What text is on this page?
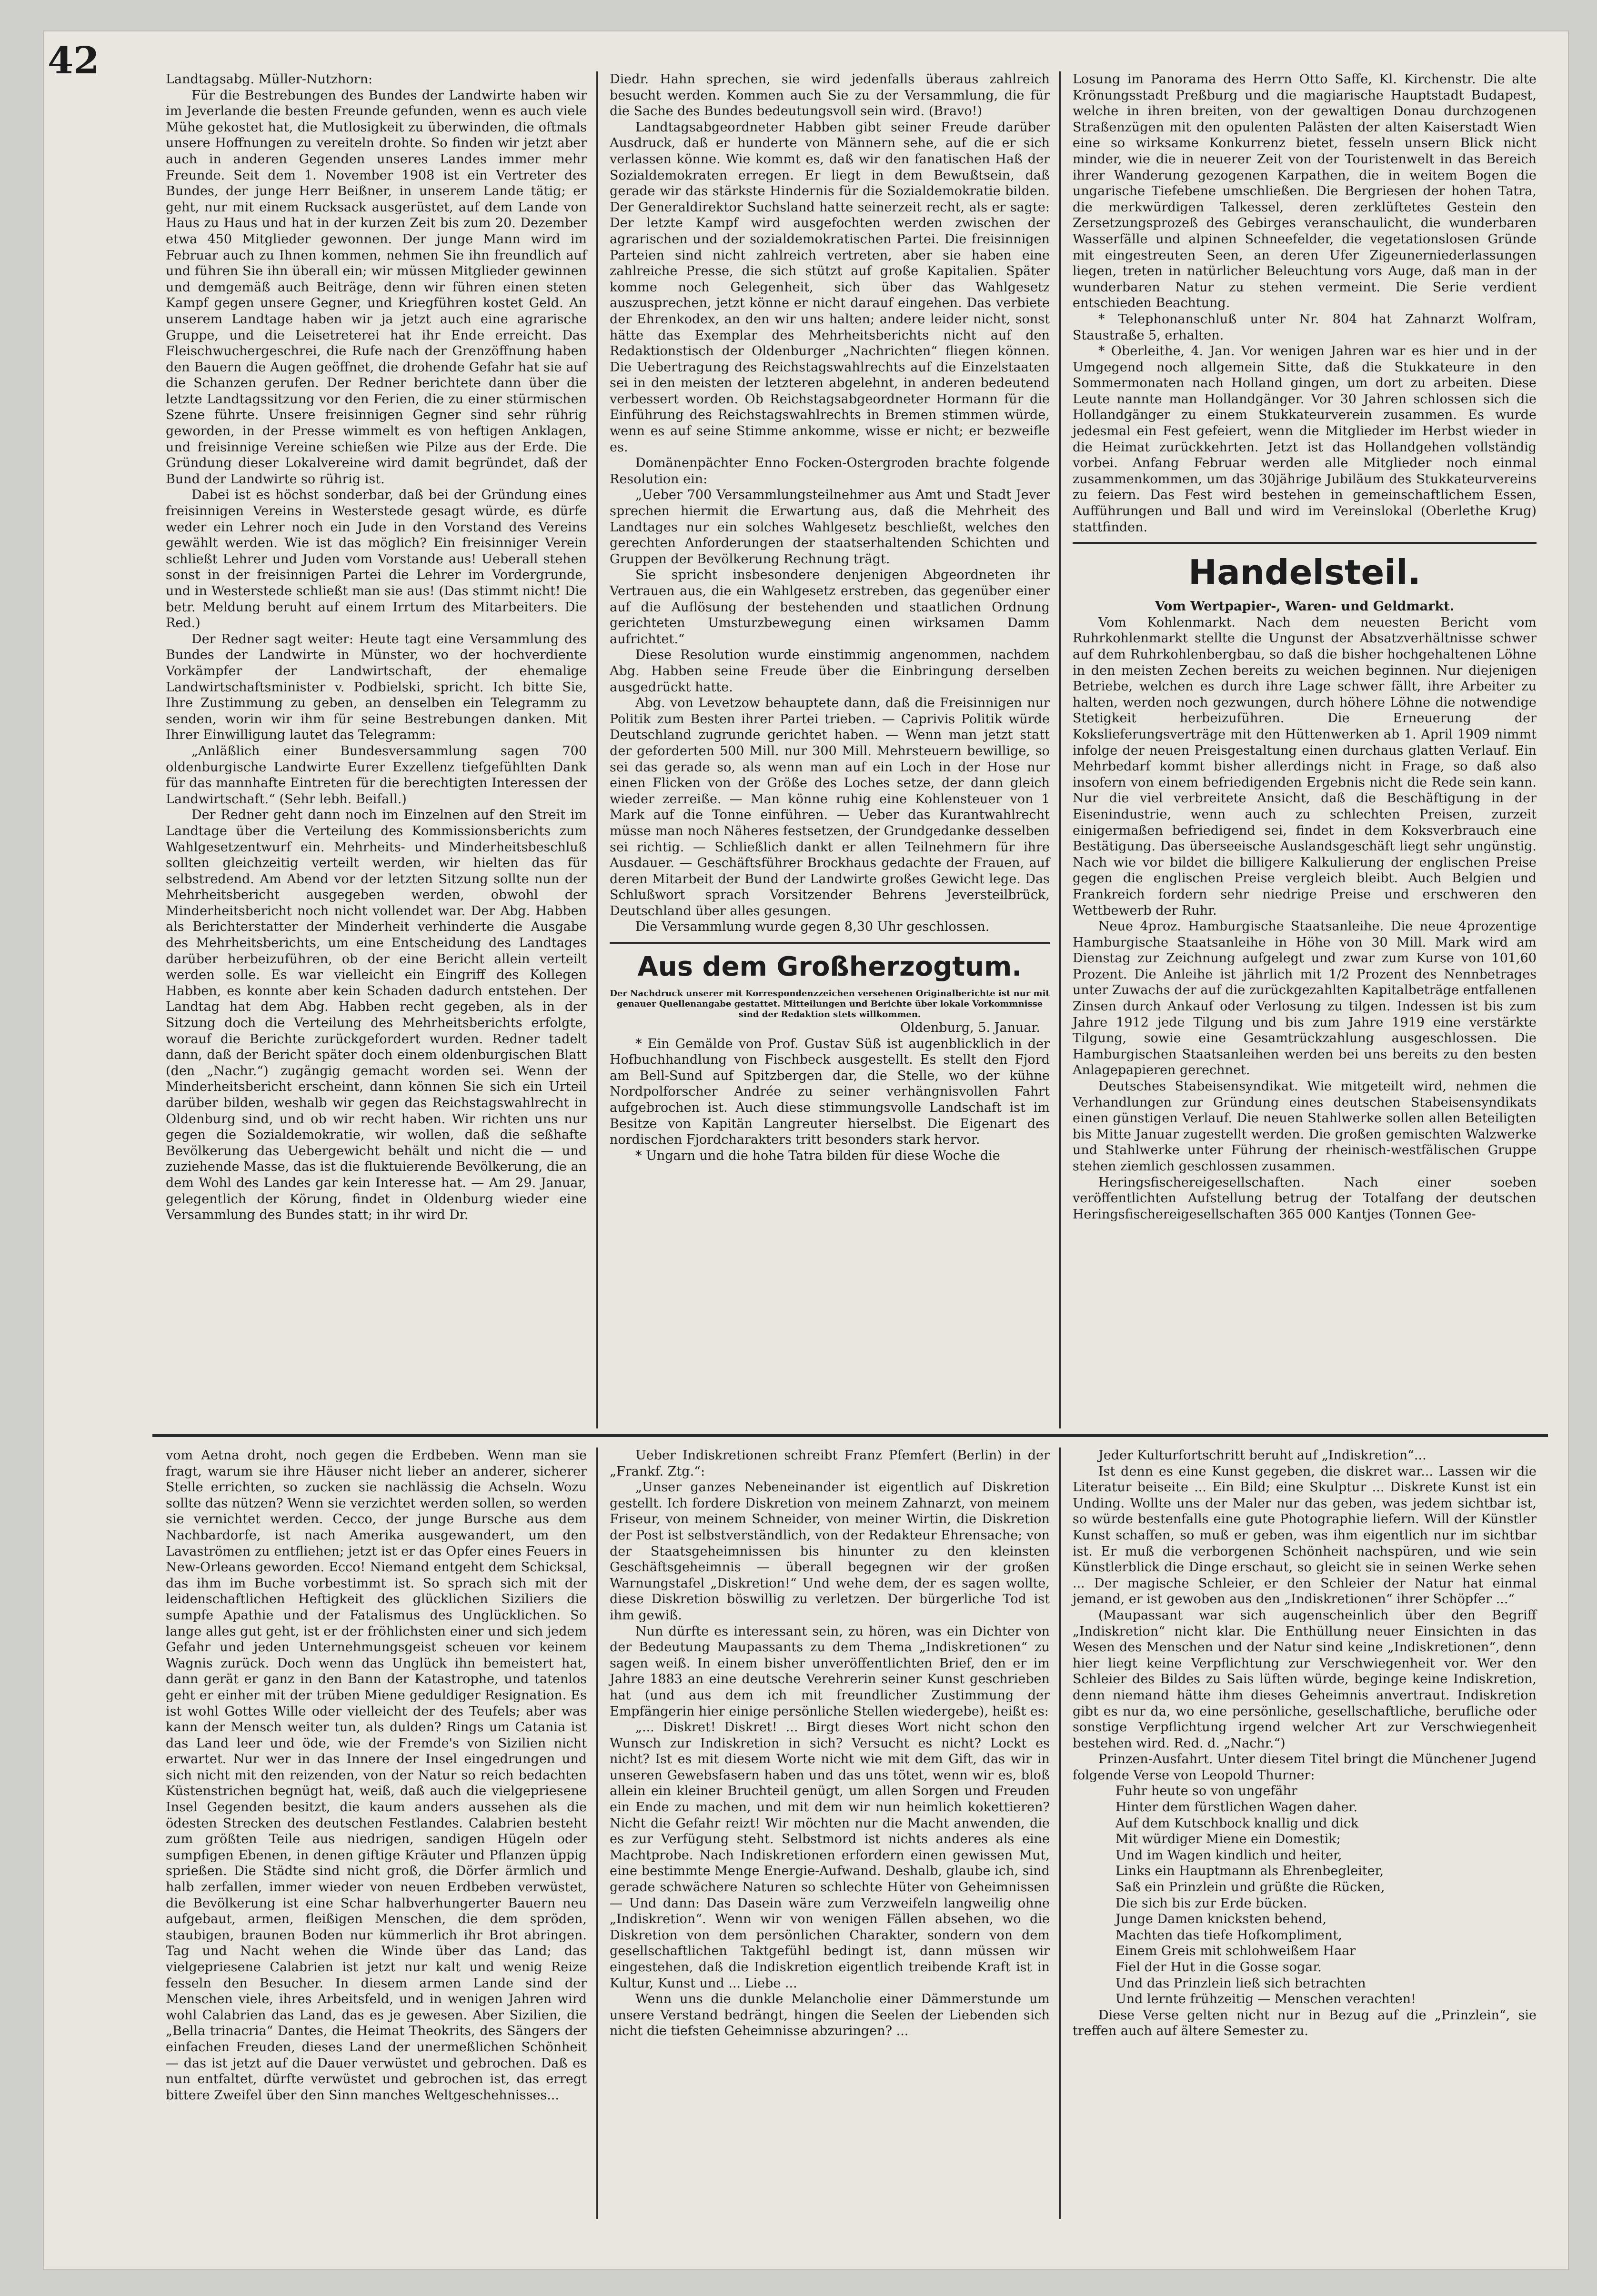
42	Landtagsabg. Müller-Nutzhorn:

Für die Bestrebungen des Bundes der Landwirte haben wir im Jeverlande die besten Freunde gefunden, wenn es auch viele Mühe gekostet hat, die Mutlosigkeit zu überwinden, die oftmals unsere Hoffnungen zu vereiteln drohte. So finden wir jetzt aber auch in anderen Gegenden unseres Landes immer mehr Freunde. Seit dem 1. November 1908 ist ein Vertreter des Bundes, der junge Herr Beißner, in unserem Lande tätig; er geht, nur mit einem Rucksack ausgerüstet, auf dem Lande von Haus zu Haus und hat in der kurzen Zeit bis zum 20. Dezember etwa 450 Mitglieder gewonnen. Der junge Mann wird im Februar auch zu Ihnen kommen, nehmen Sie ihn freundlich auf und führen Sie ihn überall ein; wir müssen Mitglieder gewinnen und demgemäß auch Beiträge, denn wir führen einen steten Kampf gegen unsere Gegner, und Kriegführen kostet Geld. An unserem Landtage haben wir ja jetzt auch eine agrarische Gruppe, und die Leisetreterei hat ihr Ende erreicht. Das Fleischwuchergeschrei, die Rufe nach der Grenzöffnung haben den Bauern die Augen geöffnet, die drohende Gefahr hat sie auf die Schanzen gerufen. Der Redner berichtete dann über die letzte Landtagssitzung vor den Ferien, die zu einer stürmischen Szene führte. Unsere freisinnigen Gegner sind sehr rührig geworden, in der Presse wimmelt es von heftigen Anklagen, und freisinnige Vereine schießen wie Pilze aus der Erde. Die Gründung dieser Lokalvereine wird damit begründet, daß der Bund der Landwirte so rührig ist.

Dabei ist es höchst sonderbar, daß bei der Gründung eines freisinnigen Vereins in Westerstede gesagt würde, es dürfe weder ein Lehrer noch ein Jude in den Vorstand des Vereins gewählt werden. Wie ist das möglich? Ein freisinniger Verein schließt Lehrer und Juden vom Vorstande aus! Ueberall stehen sonst in der freisinnigen Partei die Lehrer im Vordergrunde, und in Westerstede schließt man sie aus! (Das stimmt nicht! Die betr. Meldung beruht auf einem Irrtum des Mitarbeiters. Die Red.)

Der Redner sagt weiter: Heute tagt eine Versammlung des Bundes der Landwirte in Münster, wo der hochverdiente Vorkämpfer der Landwirtschaft, der ehemalige Landwirtschaftsminister v. Podbielski, spricht. Ich bitte Sie, Ihre Zustimmung zu geben, an denselben ein Telegramm zu senden, worin wir ihm für seine Bestrebungen danken. Mit Ihrer Einwilligung lautet das Telegramm:

„Anläßlich einer Bundesversammlung sagen 700 oldenburgische Landwirte Eurer Exzellenz tiefgefühlten Dank für das mannhafte Eintreten für die berechtigten Interessen der Landwirtschaft.“ (Sehr lebh. Beifall.)

Der Redner geht dann noch im Einzelnen auf den Streit im Landtage über die Verteilung des Kommissionsberichts zum Wahlgesetzentwurf ein. Mehrheits- und Minderheitsbeschluß sollten gleichzeitig verteilt werden, wir hielten das für selbstredend. Am Abend vor der letzten Sitzung sollte nun der Mehrheitsbericht ausgegeben werden, obwohl der Minderheitsbericht noch nicht vollendet war. Der Abg. Habben als Berichterstatter der Minderheit verhinderte die Ausgabe des Mehrheitsberichts, um eine Entscheidung des Landtages darüber herbeizuführen, ob der eine Bericht allein verteilt werden solle. Es war vielleicht ein Eingriff des Kollegen Habben, es konnte aber kein Schaden dadurch entstehen. Der Landtag hat dem Abg. Habben recht gegeben, als in der Sitzung doch die Verteilung des Mehrheitsberichts erfolgte, worauf die Berichte zurückgefordert wurden. Redner tadelt dann, daß der Bericht später doch einem oldenburgischen Blatt (den „Nachr.“) zugängig gemacht worden sei. Wenn der Minderheitsbericht erscheint, dann können Sie sich ein Urteil darüber bilden, weshalb wir gegen das Reichstagswahlrecht in Oldenburg sind, und ob wir recht haben. Wir richten uns nur gegen die Sozialdemokratie, wir wollen, daß die seßhafte Bevölkerung das Uebergewicht behält und nicht die — und zuziehende Masse, das ist die fluktuierende Bevölkerung, die an dem Wohl des Landes gar kein Interesse hat. — Am 29. Januar, gelegentlich der Körung, findet in Oldenburg wieder eine Versammlung des Bundes statt; in ihr wird Dr.

Diedr. Hahn sprechen, sie wird jedenfalls überaus zahlreich besucht werden. Kommen auch Sie zu der Versammlung, die für die Sache des Bundes bedeutungsvoll sein wird. (Bravo!)

Landtagsabgeordneter Habben gibt seiner Freude darüber Ausdruck, daß er hunderte von Männern sehe, auf die er sich verlassen könne. Wie kommt es, daß wir den fanatischen Haß der Sozialdemokraten erregen. Er liegt in dem Bewußtsein, daß gerade wir das stärkste Hindernis für die Sozialdemokratie bilden. Der Generaldirektor Suchsland hatte seinerzeit recht, als er sagte: Der letzte Kampf wird ausgefochten werden zwischen der agrarischen und der sozialdemokratischen Partei. Die freisinnigen Parteien sind nicht zahlreich vertreten, aber sie haben eine zahlreiche Presse, die sich stützt auf große Kapitalien. Später komme noch Gelegenheit, sich über das Wahlgesetz auszusprechen, jetzt könne er nicht darauf eingehen. Das verbiete der Ehrenkodex, an den wir uns halten; andere leider nicht, sonst hätte das Exemplar des Mehrheitsberichts nicht auf den Redaktionstisch der Oldenburger „Nachrichten“ fliegen können. Die Uebertragung des Reichstagswahlrechts auf die Einzelstaaten sei in den meisten der letzteren abgelehnt, in anderen bedeutend verbessert worden. Ob Reichstagsabgeordneter Hormann für die Einführung des Reichstagswahlrechts in Bremen stimmen würde, wenn es auf seine Stimme ankomme, wisse er nicht; er bezweifle es.

Domänenpächter Enno Focken-Ostergroden brachte folgende Resolution ein:

„Ueber 700 Versammlungsteilnehmer aus Amt und Stadt Jever sprechen hiermit die Erwartung aus, daß die Mehrheit des Landtages nur ein solches Wahlgesetz beschließt, welches den gerechten Anforderungen der staatserhaltenden Schichten und Gruppen der Bevölkerung Rechnung trägt.

Sie spricht insbesondere denjenigen Abgeordneten ihr Vertrauen aus, die ein Wahlgesetz erstreben, das gegenüber einer auf die Auflösung der bestehenden und staatlichen Ordnung gerichteten Umsturzbewegung einen wirksamen Damm aufrichtet.“

Diese Resolution wurde einstimmig angenommen, nachdem Abg. Habben seine Freude über die Einbringung derselben ausgedrückt hatte.

Abg. von Levetzow behauptete dann, daß die Freisinnigen nur Politik zum Besten ihrer Partei trieben. — Caprivis Politik würde Deutschland zugrunde gerichtet haben. — Wenn man jetzt statt der geforderten 500 Mill. nur 300 Mill. Mehrsteuern bewillige, so sei das gerade so, als wenn man auf ein Loch in der Hose nur einen Flicken von der Größe des Loches setze, der dann gleich wieder zerreiße. — Man könne ruhig eine Kohlensteuer von 1 Mark auf die Tonne einführen. — Ueber das Kurantwahlrecht müsse man noch Näheres festsetzen, der Grundgedanke desselben sei richtig. — Schließlich dankt er allen Teilnehmern für ihre Ausdauer. — Geschäftsführer Brockhaus gedachte der Frauen, auf deren Mitarbeit der Bund der Landwirte großes Gewicht lege. Das Schlußwort sprach Vorsitzender Behrens Jeversteilbrück, Deutschland über alles gesungen.

Die Versammlung wurde gegen 8,30 Uhr geschlossen.

Aus dem Großherzogtum.

Der Nachdruck unserer mit Korrespondenzzeichen versehenen Originalberichte ist nur mit genauer Quellenangabe gestattet. Mitteilungen und Berichte über lokale Vorkommnisse sind der Redaktion stets willkommen.

Oldenburg, 5. Januar.

* Ein Gemälde von Prof. Gustav Süß ist augenblicklich in der Hofbuchhandlung von Fischbeck ausgestellt. Es stellt den Fjord am Bell-Sund auf Spitzbergen dar, die Stelle, wo der kühne Nordpolforscher Andrée zu seiner verhängnisvollen Fahrt aufgebrochen ist. Auch diese stimmungsvolle Landschaft ist im Besitze von Kapitän Langreuter hierselbst. Die Eigenart des nordischen Fjordcharakters tritt besonders stark hervor.

* Ungarn und die hohe Tatra bilden für diese Woche die

Losung im Panorama des Herrn Otto Saffe, Kl. Kirchenstr. Die alte Krönungsstadt Preßburg und die magiarische Hauptstadt Budapest, welche in ihren breiten, von der gewaltigen Donau durchzogenen Straßenzügen mit den opulenten Palästen der alten Kaiserstadt Wien eine so wirksame Konkurrenz bietet, fesseln unsern Blick nicht minder, wie die in neuerer Zeit von der Touristenwelt in das Bereich ihrer Wanderung gezogenen Karpathen, die in weitem Bogen die ungarische Tiefebene umschließen. Die Bergriesen der hohen Tatra, die merkwürdigen Talkessel, deren zerklüftetes Gestein den Zersetzungsprozeß des Gebirges veranschaulicht, die wunderbaren Wasserfälle und alpinen Schneefelder, die vegetationslosen Gründe mit eingestreuten Seen, an deren Ufer Zigeunerniederlassungen liegen, treten in natürlicher Beleuchtung vors Auge, daß man in der wunderbaren Natur zu stehen vermeint. Die Serie verdient entschieden Beachtung.

* Telephonanschluß unter Nr. 804 hat Zahnarzt Wolfram, Staustraße 5, erhalten.

* Oberleithe, 4. Jan. Vor wenigen Jahren war es hier und in der Umgegend noch allgemein Sitte, daß die Stukkateure in den Sommermonaten nach Holland gingen, um dort zu arbeiten. Diese Leute nannte man Hollandgänger. Vor 30 Jahren schlossen sich die Hollandgänger zu einem Stukkateurverein zusammen. Es wurde jedesmal ein Fest gefeiert, wenn die Mitglieder im Herbst wieder in die Heimat zurückkehrten. Jetzt ist das Hollandgehen vollständig vorbei. Anfang Februar werden alle Mitglieder noch einmal zusammenkommen, um das 30jährige Jubiläum des Stukkateurvereins zu feiern. Das Fest wird bestehen in gemeinschaftlichem Essen, Aufführungen und Ball und wird im Vereinslokal (Oberlethe Krug) stattfinden.

Handelsteil.

Vom Wertpapier-, Waren- und Geldmarkt.

Vom Kohlenmarkt. Nach dem neuesten Bericht vom Ruhrkohlenmarkt stellte die Ungunst der Absatzverhältnisse schwer auf dem Ruhrkohlenbergbau, so daß die bisher hochgehaltenen Löhne in den meisten Zechen bereits zu weichen beginnen. Nur diejenigen Betriebe, welchen es durch ihre Lage schwer fällt, ihre Arbeiter zu halten, werden noch gezwungen, durch höhere Löhne die notwendige Stetigkeit herbeizuführen. Die Erneuerung der Kokslieferungsverträge mit den Hüttenwerken ab 1. April 1909 nimmt infolge der neuen Preisgestaltung einen durchaus glatten Verlauf. Ein Mehrbedarf kommt bisher allerdings nicht in Frage, so daß also insofern von einem befriedigenden Ergebnis nicht die Rede sein kann. Nur die viel verbreitete Ansicht, daß die Beschäftigung in der Eisenindustrie, wenn auch zu schlechten Preisen, zurzeit einigermaßen befriedigend sei, findet in dem Koksverbrauch eine Bestätigung. Das überseeische Auslandsgeschäft liegt sehr ungünstig. Nach wie vor bildet die billigere Kalkulierung der englischen Preise gegen die englischen Preise vergleich bleibt. Auch Belgien und Frankreich fordern sehr niedrige Preise und erschweren den Wettbewerb der Ruhr.

Neue 4proz. Hamburgische Staatsanleihe. Die neue 4prozentige Hamburgische Staatsanleihe in Höhe von 30 Mill. Mark wird am Dienstag zur Zeichnung aufgelegt und zwar zum Kurse von 101,60 Prozent. Die Anleihe ist jährlich mit 1/2 Prozent des Nennbetrages unter Zuwachs der auf die zurückgezahlten Kapitalbeträge entfallenen Zinsen durch Ankauf oder Verlosung zu tilgen. Indessen ist bis zum Jahre 1912 jede Tilgung und bis zum Jahre 1919 eine verstärkte Tilgung, sowie eine Gesamtrückzahlung ausgeschlossen. Die Hamburgischen Staatsanleihen werden bei uns bereits zu den besten Anlagepapieren gerechnet.

Deutsches Stabeisensyndikat. Wie mitgeteilt wird, nehmen die Verhandlungen zur Gründung eines deutschen Stabeisensyndikats einen günstigen Verlauf. Die neuen Stahlwerke sollen allen Beteiligten bis Mitte Januar zugestellt werden. Die großen gemischten Walzwerke und Stahlwerke unter Führung der rheinisch-westfälischen Gruppe stehen ziemlich geschlossen zusammen.

Heringsfischereigesellschaften. Nach einer soeben veröffentlichten Aufstellung betrug der Totalfang der deutschen Heringsfischereigesellschaften 365 000 Kantjes (Tonnen Gee-

vom Aetna droht, noch gegen die Erdbeben. Wenn man sie fragt, warum sie ihre Häuser nicht lieber an anderer, sicherer Stelle errichten, so zucken sie nachlässig die Achseln. Wozu sollte das nützen? Wenn sie verzichtet werden sollen, so werden sie vernichtet werden. Cecco, der junge Bursche aus dem Nachbardorfe, ist nach Amerika ausgewandert, um den Lavaströmen zu entfliehen; jetzt ist er das Opfer eines Feuers in New-Orleans geworden. Ecco! Niemand entgeht dem Schicksal, das ihm im Buche vorbestimmt ist. So sprach sich mit der leidenschaftlichen Heftigkeit des glücklichen Siziliers die sumpfe Apathie und der Fatalismus des Unglücklichen. So lange alles gut geht, ist er der fröhlichsten einer und sich jedem Gefahr und jeden Unternehmungsgeist scheuen vor keinem Wagnis zurück. Doch wenn das Unglück ihn bemeistert hat, dann gerät er ganz in den Bann der Katastrophe, und tatenlos geht er einher mit der trüben Miene geduldiger Resignation. Es ist wohl Gottes Wille oder vielleicht der des Teufels; aber was kann der Mensch weiter tun, als dulden? Rings um Catania ist das Land leer und öde, wie der Fremde's von Sizilien nicht erwartet. Nur wer in das Innere der Insel eingedrungen und sich nicht mit den reizenden, von der Natur so reich bedachten Küstenstrichen begnügt hat, weiß, daß auch die vielgepriesene Insel Gegenden besitzt, die kaum anders aussehen als die ödesten Strecken des deutschen Festlandes. Calabrien besteht zum größten Teile aus niedrigen, sandigen Hügeln oder sumpfigen Ebenen, in denen giftige Kräuter und Pflanzen üppig sprießen. Die Städte sind nicht groß, die Dörfer ärmlich und halb zerfallen, immer wieder von neuen Erdbeben verwüstet, die Bevölkerung ist eine Schar halbverhungerter Bauern neu aufgebaut, armen, fleißigen Menschen, die dem spröden, staubigen, braunen Boden nur kümmerlich ihr Brot abringen. Tag und Nacht wehen die Winde über das Land; das vielgepriesene Calabrien ist jetzt nur kalt und wenig Reize fesseln den Besucher. In diesem armen Lande sind der Menschen viele, ihres Arbeitsfeld, und in wenigen Jahren wird wohl Calabrien das Land, das es je gewesen. Aber Sizilien, die „Bella trinacria“ Dantes, die Heimat Theokrits, des Sängers der einfachen Freuden, dieses Land der unermeßlichen Schönheit — das ist jetzt auf die Dauer verwüstet und gebrochen. Daß es nun entfaltet, dürfte verwüstet und gebrochen ist, das erregt bittere Zweifel über den Sinn manches Weltgeschehnisses...

Ueber Indiskretionen schreibt Franz Pfemfert (Berlin) in der „Frankf. Ztg.“:

„Unser ganzes Nebeneinander ist eigentlich auf Diskretion gestellt. Ich fordere Diskretion von meinem Zahnarzt, von meinem Friseur, von meinem Schneider, von meiner Wirtin, die Diskretion der Post ist selbstverständlich, von der Redakteur Ehrensache; von der Staatsgeheimnissen bis hinunter zu den kleinsten Geschäftsgeheimnis — überall begegnen wir der großen Warnungstafel „Diskretion!“ Und wehe dem, der es sagen wollte, diese Diskretion böswillig zu verletzen. Der bürgerliche Tod ist ihm gewiß.

Nun dürfte es interessant sein, zu hören, was ein Dichter von der Bedeutung Maupassants zu dem Thema „Indiskretionen“ zu sagen weiß. In einem bisher unveröffentlichten Brief, den er im Jahre 1883 an eine deutsche Verehrerin seiner Kunst geschrieben hat (und aus dem ich mit freundlicher Zustimmung der Empfängerin hier einige persönliche Stellen wiedergebe), heißt es:

„... Diskret! Diskret! ... Birgt dieses Wort nicht schon den Wunsch zur Indiskretion in sich? Versucht es nicht? Lockt es nicht? Ist es mit diesem Worte nicht wie mit dem Gift, das wir in unseren Gewebsfasern haben und das uns tötet, wenn wir es, bloß allein ein kleiner Bruchteil genügt, um allen Sorgen und Freuden ein Ende zu machen, und mit dem wir nun heimlich kokettieren? Nicht die Gefahr reizt! Wir möchten nur die Macht anwenden, die es zur Verfügung steht. Selbstmord ist nichts anderes als eine Machtprobe. Nach Indiskretionen erfordern einen gewissen Mut, eine bestimmte Menge Energie-Aufwand. Deshalb, glaube ich, sind gerade schwächere Naturen so schlechte Hüter von Geheimnissen — Und dann: Das Dasein wäre zum Verzweifeln langweilig ohne „Indiskretion“. Wenn wir von wenigen Fällen absehen, wo die Diskretion von dem persönlichen Charakter, sondern von dem gesellschaftlichen Taktgefühl bedingt ist, dann müssen wir eingestehen, daß die Indiskretion eigentlich treibende Kraft ist in Kultur, Kunst und ... Liebe ...

Wenn uns die dunkle Melancholie einer Dämmerstunde um unsere Verstand bedrängt, hingen die Seelen der Liebenden sich nicht die tiefsten Geheimnisse abzuringen? ...

Jeder Kulturfortschritt beruht auf „Indiskretion“...

Ist denn es eine Kunst gegeben, die diskret war... Lassen wir die Literatur beiseite ... Ein Bild; eine Skulptur ... Diskrete Kunst ist ein Unding. Wollte uns der Maler nur das geben, was jedem sichtbar ist, so würde bestenfalls eine gute Photographie liefern. Will der Künstler Kunst schaffen, so muß er geben, was ihm eigentlich nur im sichtbar ist. Er muß die verborgenen Schönheit nachspüren, und wie sein Künstlerblick die Dinge erschaut, so gleicht sie in seinen Werke sehen ... Der magische Schleier, er den Schleier der Natur hat einmal jemand, er ist gewoben aus den „Indiskretionen“ ihrer Schöpfer ...“

(Maupassant war sich augenscheinlich über den Begriff „Indiskretion“ nicht klar. Die Enthüllung neuer Einsichten in das Wesen des Menschen und der Natur sind keine „Indiskretionen“, denn hier liegt keine Verpflichtung zur Verschwiegenheit vor. Wer den Schleier des Bildes zu Sais lüften würde, beginge keine Indiskretion, denn niemand hätte ihm dieses Geheimnis anvertraut. Indiskretion gibt es nur da, wo eine persönliche, gesellschaftliche, berufliche oder sonstige Verpflichtung irgend welcher Art zur Verschwiegenheit bestehen wird. Red. d. „Nachr.“)

Prinzen-Ausfahrt. Unter diesem Titel bringt die Münchener Jugend folgende Verse von Leopold Thurner:

Fuhr heute so von ungefähr

Hinter dem fürstlichen Wagen daher.

Auf dem Kutschbock knallig und dick

Mit würdiger Miene ein Domestik;

Und im Wagen kindlich und heiter,

Links ein Hauptmann als Ehrenbegleiter,

Saß ein Prinzlein und grüßte die Rücken,

Die sich bis zur Erde bücken.

Junge Damen knicksten behend,

Machten das tiefe Hofkompliment,

Einem Greis mit schlohweißem Haar

Fiel der Hut in die Gosse sogar.

Und das Prinzlein ließ sich betrachten

Und lernte frühzeitig — Menschen verachten!

Diese Verse gelten nicht nur in Bezug auf die „Prinzlein“, sie treffen auch auf ältere Semester zu.
